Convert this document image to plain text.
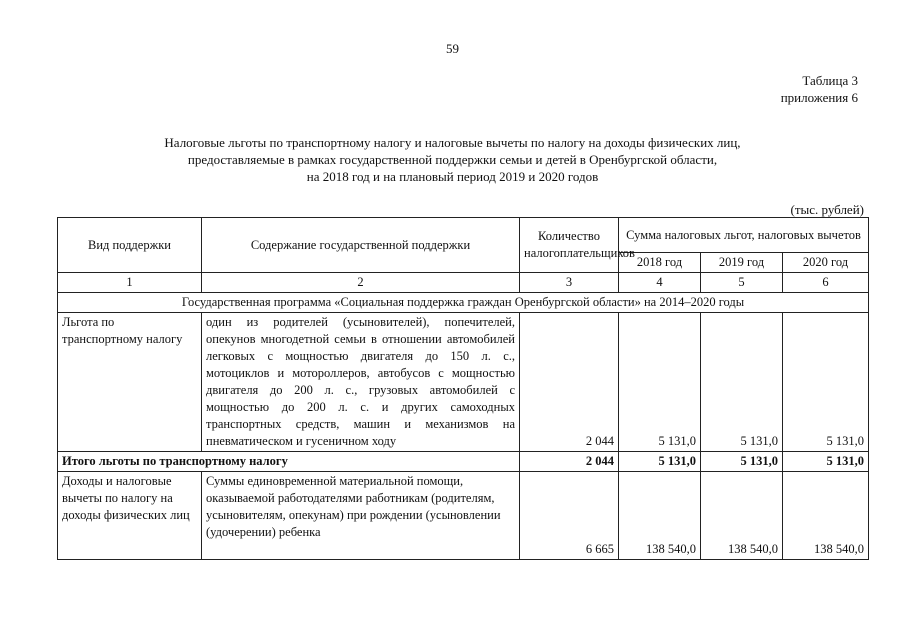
59
Таблица 3
приложения 6
Налоговые льготы по транспортному налогу и налоговые вычеты по налогу на доходы физических лиц,
предоставляемые в рамках государственной поддержки семьи и детей в Оренбургской области,
на 2018 год и на плановый период 2019 и 2020 годов
(тыс. рублей)
Вид поддержки	Содержание государственной поддержки	Количество налогоплательщиков	Сумма налоговых льгот, налоговых вычетов		
			2018 год	2019 год	2020 год
1	2	3	4	5	6
Государственная программа «Социальная поддержка граждан Оренбургской области» на 2014–2020 годы					
Льгота по транспортному налогу	один из родителей (усыновителей), попечителей, опекунов многодетной семьи в отношении автомобилей легковых с мощностью двигателя до 150 л. с., мотоциклов и мотороллеров, автобусов с мощностью двигателя до 200 л. с., грузовых автомобилей с мощностью до 200 л. с. и других самоходных транспортных средств, машин и механизмов на пневматическом и гусеничном ходу	2 044	5 131,0	5 131,0	5 131,0
Итого льготы по транспортному налогу		2 044	5 131,0	5 131,0	5 131,0
Доходы и налоговые вычеты по налогу на доходы физических лиц	Суммы единовременной материальной помощи, оказываемой работодателями работникам (родителям, усыновителям, опекунам) при рождении (усыновлении (удочерении) ребенка	6 665	138 540,0	138 540,0	138 540,0
